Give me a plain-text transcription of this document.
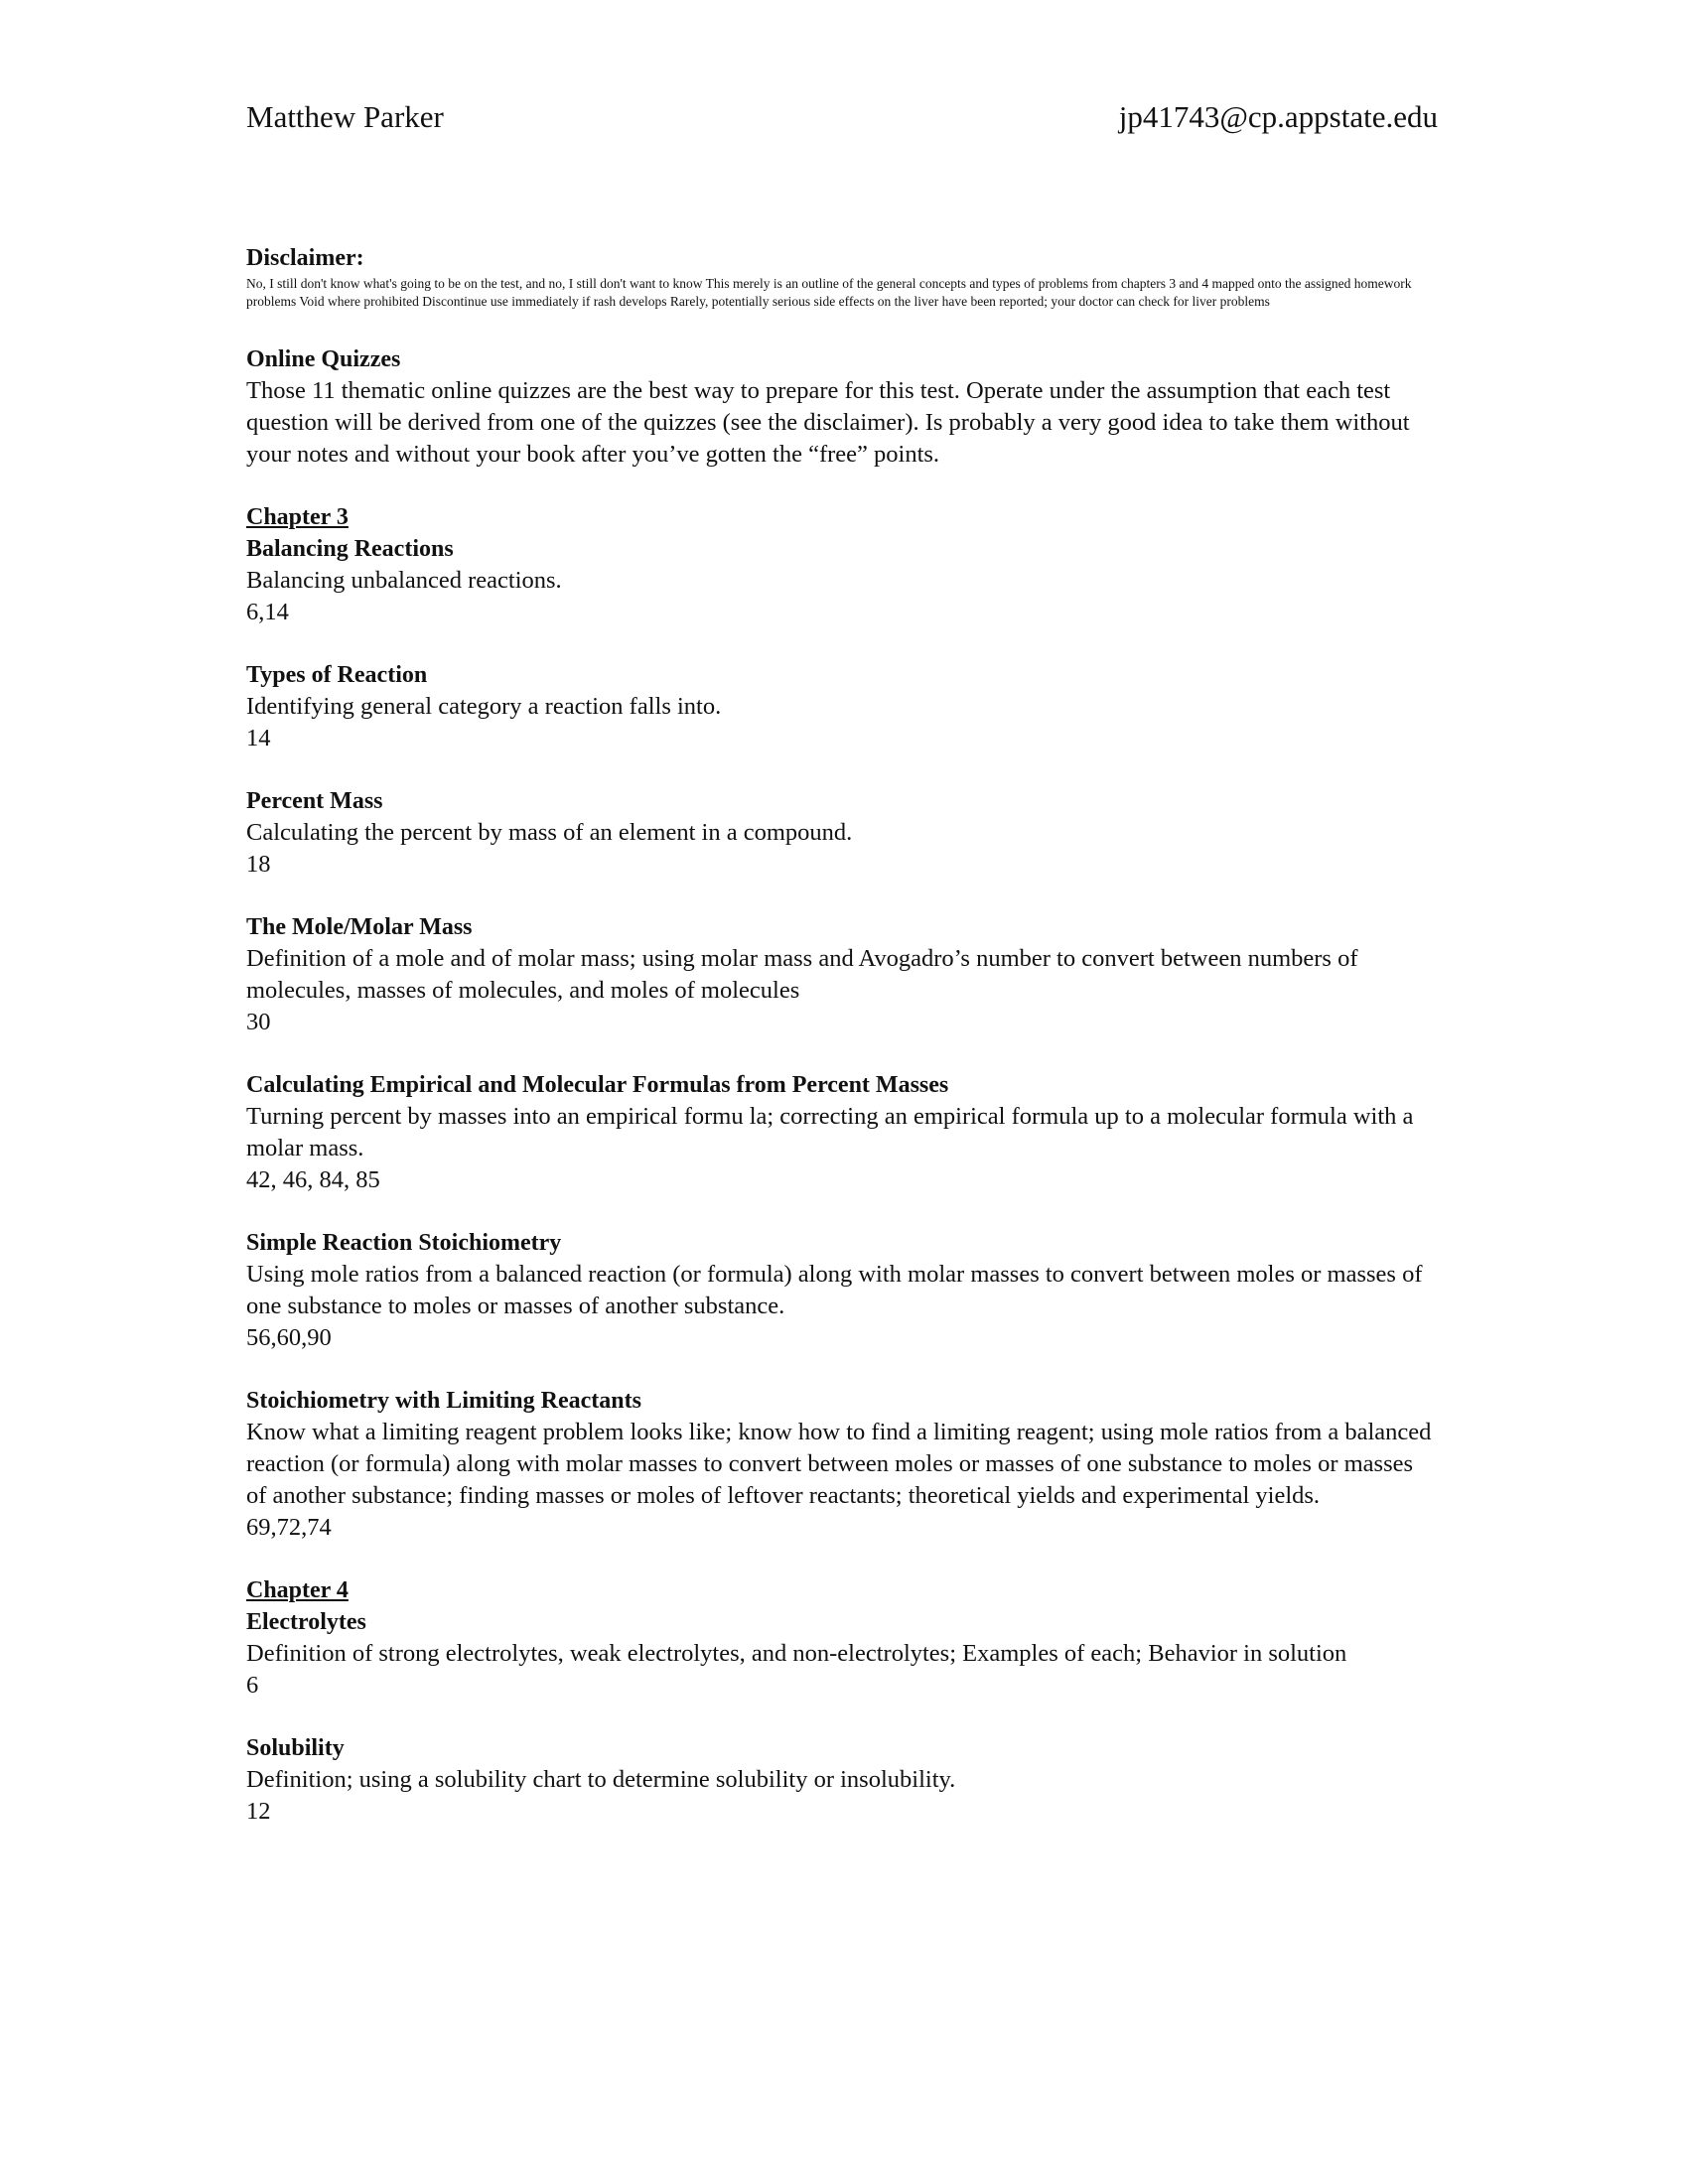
Matthew Parker	jp41743@cp.appstate.edu
Disclaimer:
No, I still don't know what's going to be on the test, and no, I still don't want to know This merely is an outline of the general concepts and types of problems from chapters 3 and 4 mapped onto the assigned homework problems Void where prohibited Discontinue use immediately if rash develops Rarely, potentially serious side effects on the liver have been reported; your doctor can check for liver problems
Online Quizzes
Those 11 thematic online quizzes are the best way to prepare for this test. Operate under the assumption that each test question will be derived from one of the quizzes (see the disclaimer). Is probably a very good idea to take them without your notes and without your book after you’ve gotten the “free” points.
Chapter 3
Balancing Reactions
Balancing unbalanced reactions.
6,14
Types of Reaction
Identifying general category a reaction falls into.
14
Percent Mass
Calculating the percent by mass of an element in a compound.
18
The Mole/Molar Mass
Definition of a mole and of molar mass; using molar mass and Avogadro’s number to convert between numbers of molecules, masses of molecules, and moles of molecules
30
Calculating Empirical and Molecular Formulas from Percent Masses
Turning percent by masses into an empirical formu la; correcting an empirical formula up to a molecular formula with a molar mass.
42, 46, 84, 85
Simple Reaction Stoichiometry
Using mole ratios from a balanced reaction (or formula) along with molar masses to convert between moles or masses of one substance to moles or masses of another substance.
56,60,90
Stoichiometry with Limiting Reactants
Know what a limiting reagent problem looks like; know how to find a limiting reagent; using mole ratios from a balanced reaction (or formula) along with molar masses to convert between moles or masses of one substance to moles or masses of another substance; finding masses or moles of leftover reactants; theoretical yields and experimental yields.
69,72,74
Chapter 4
Electrolytes
Definition of strong electrolytes, weak electrolytes, and non-electrolytes; Examples of each; Behavior in solution
6
Solubility
Definition; using a solubility chart to determine solubility or insolubility.
12
